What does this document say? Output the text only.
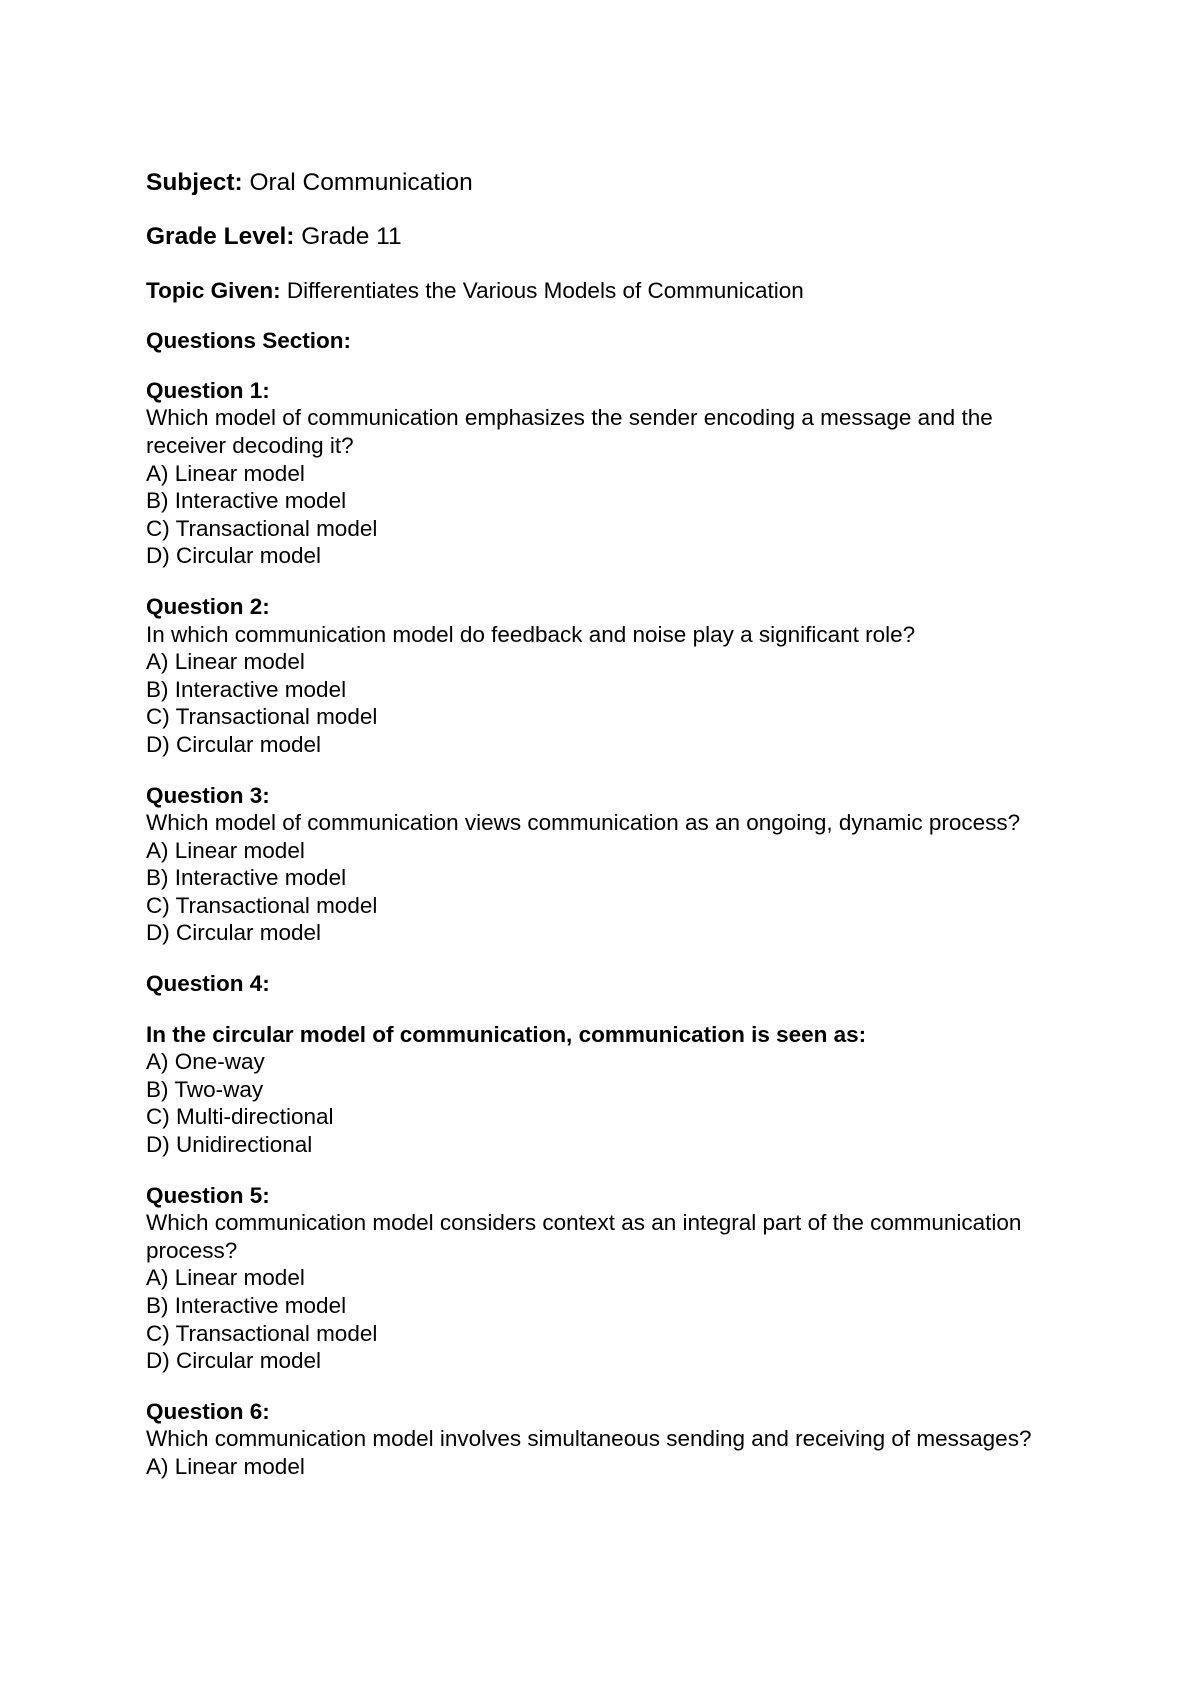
Subject: Oral Communication

Grade Level: Grade 11

Topic Given: Differentiates the Various Models of Communication

Questions Section:

Question 1:

Which model of communication emphasizes the sender encoding a message and the receiver decoding it?

A) Linear model
B) Interactive model
C) Transactional model
D) Circular model

Question 2:

In which communication model do feedback and noise play a significant role?

A) Linear model
B) Interactive model
C) Transactional model
D) Circular model

Question 3:

Which model of communication views communication as an ongoing, dynamic process?

A) Linear model
B) Interactive model
C) Transactional model
D) Circular model

Question 4:

In the circular model of communication, communication is seen as:

A) One-way
B) Two-way
C) Multi-directional
D) Unidirectional

Question 5:

Which communication model considers context as an integral part of the communication process?

A) Linear model
B) Interactive model
C) Transactional model
D) Circular model

Question 6:

Which communication model involves simultaneous sending and receiving of messages?

A) Linear model
